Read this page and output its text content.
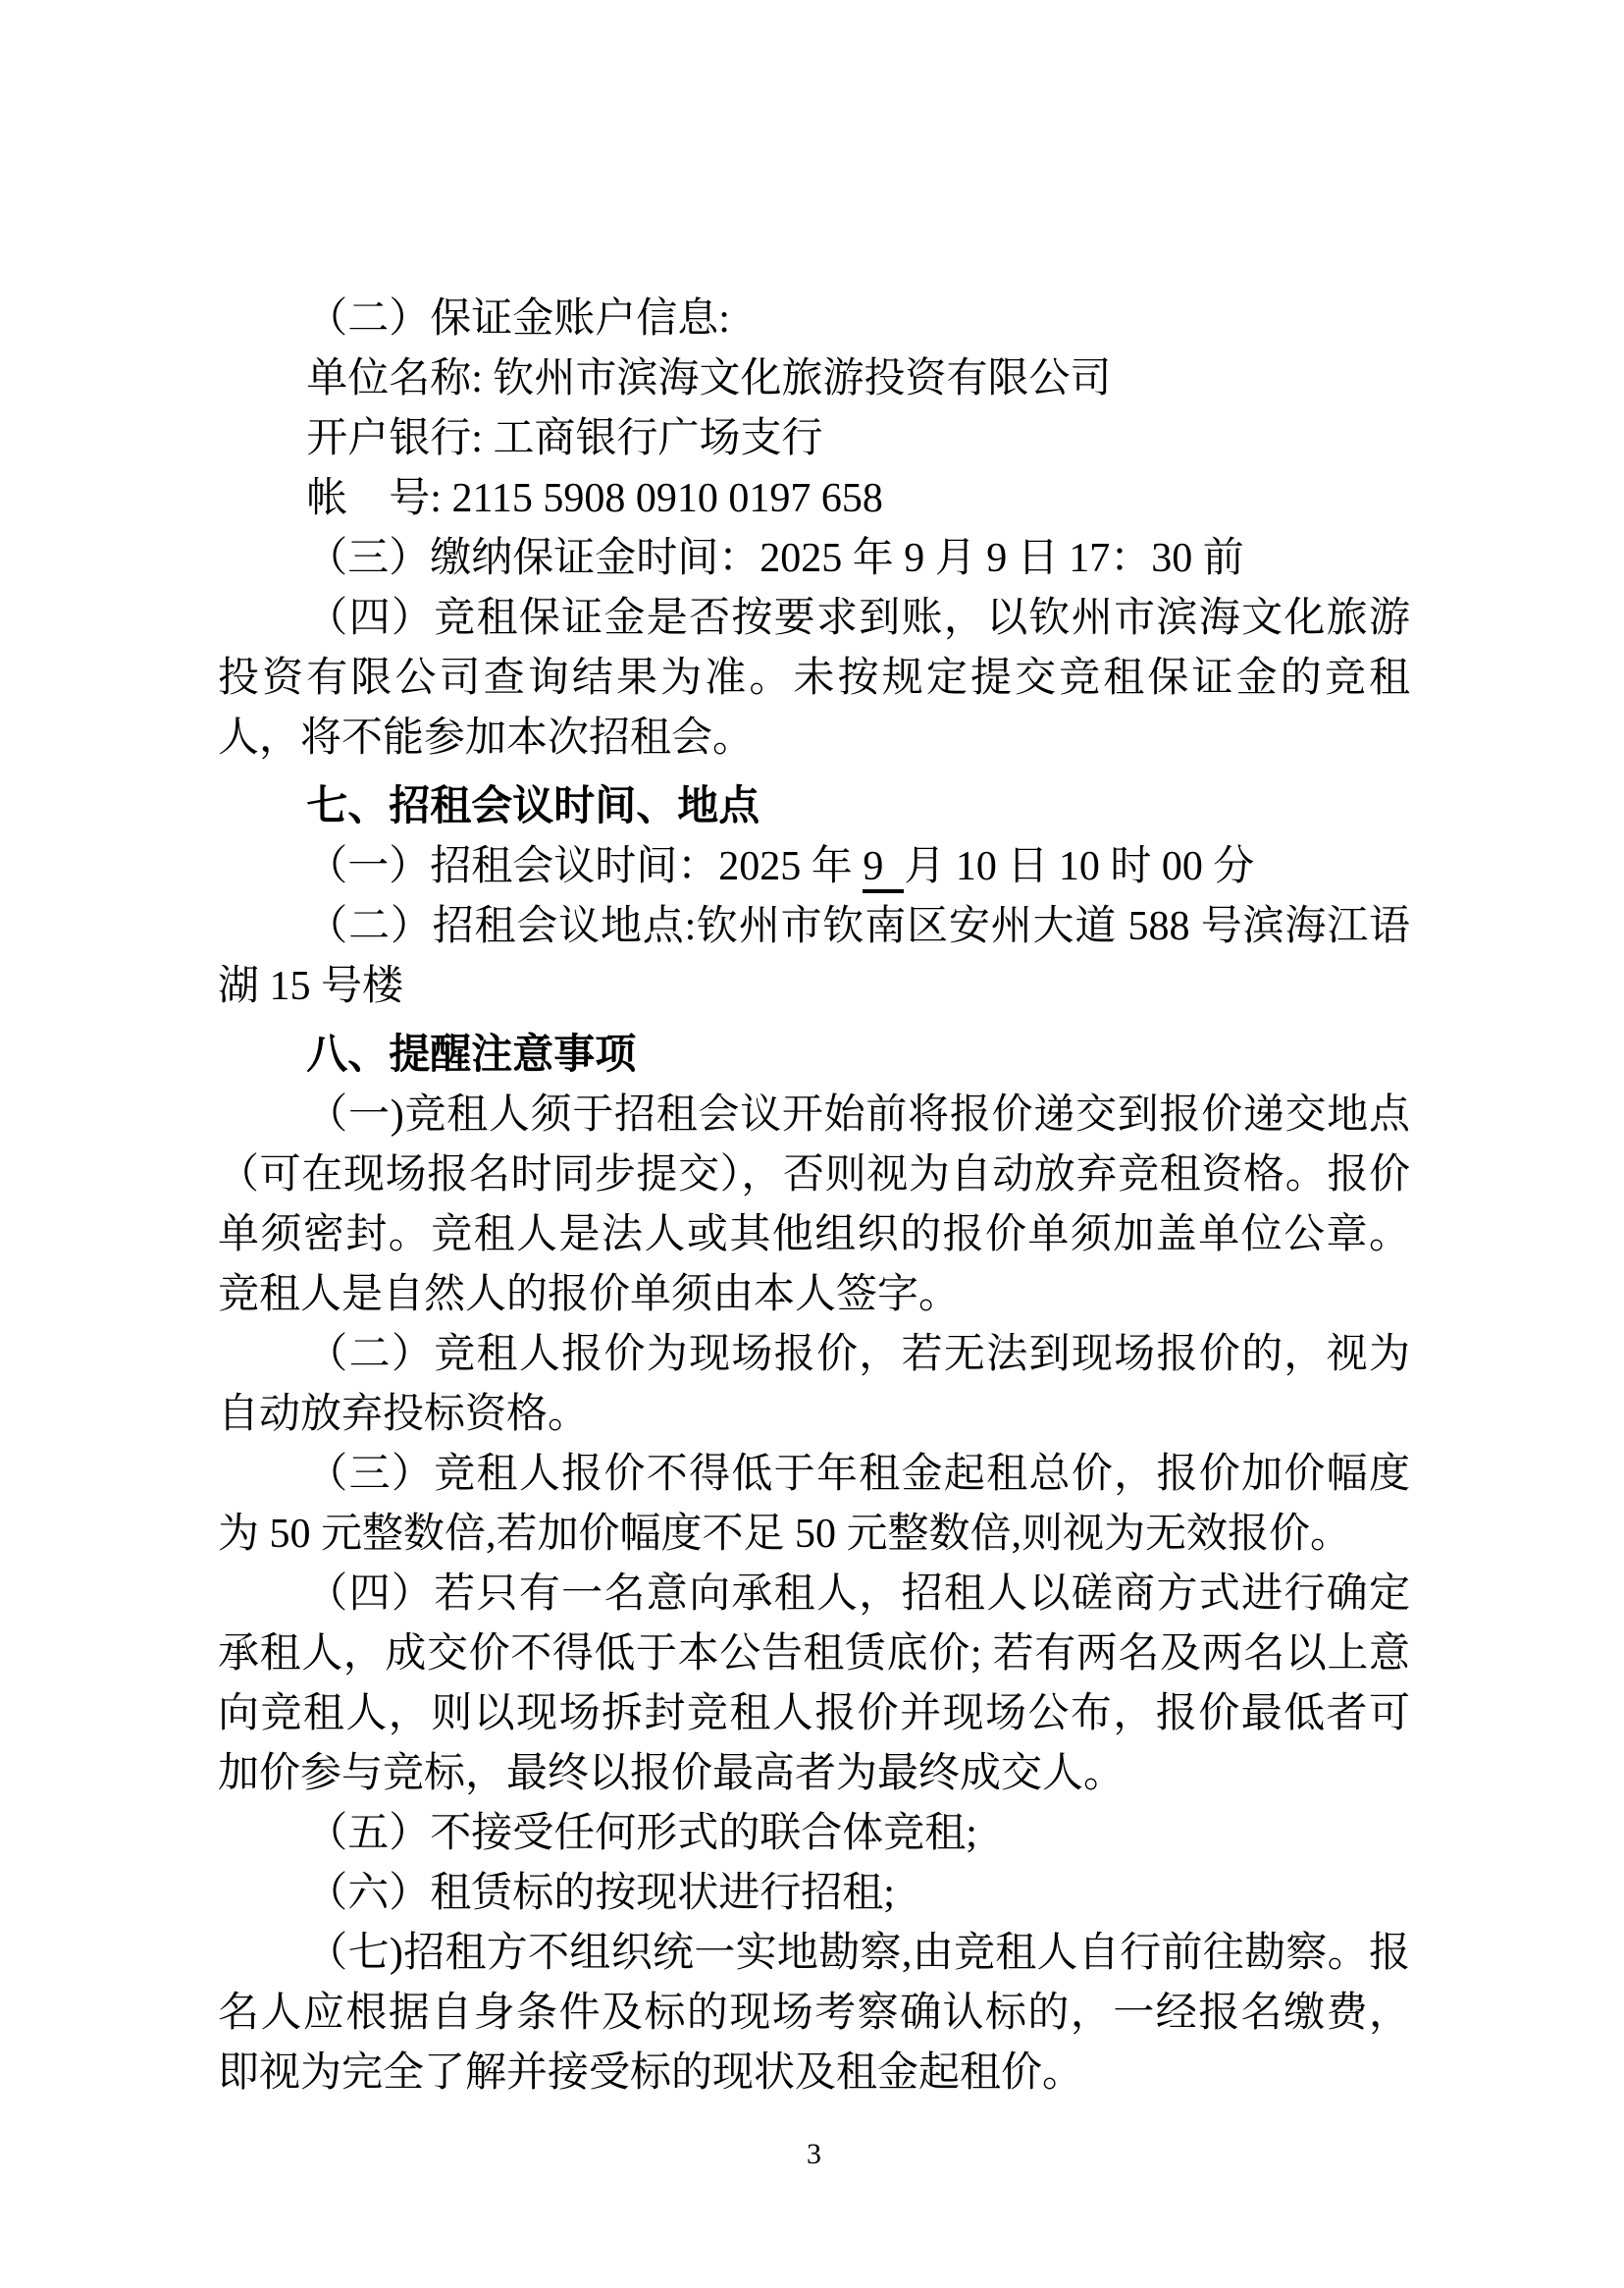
（二）保证金账户信息:

单位名称: 钦州市滨海文化旅游投资有限公司

开户银行: 工商银行广场支行

帐　号: 2115 5908 0910 0197 658

（三）缴纳保证金时间：2025 年 9 月 9 日 17：30 前

（四）竞租保证金是否按要求到账，以钦州市滨海文化旅游投资有限公司查询结果为准。未按规定提交竞租保证金的竞租人，将不能参加本次招租会。

七、招租会议时间、地点

（一）招租会议时间：2025 年 9 月 10 日 10 时 00 分

（二）招租会议地点:钦州市钦南区安州大道 588 号滨海江语湖 15 号楼

八、提醒注意事项

（一)竞租人须于招租会议开始前将报价递交到报价递交地点（可在现场报名时同步提交），否则视为自动放弃竞租资格。报价单须密封。竞租人是法人或其他组织的报价单须加盖单位公章。竞租人是自然人的报价单须由本人签字。

（二）竞租人报价为现场报价，若无法到现场报价的，视为自动放弃投标资格。

（三）竞租人报价不得低于年租金起租总价，报价加价幅度为 50 元整数倍,若加价幅度不足 50 元整数倍,则视为无效报价。

（四）若只有一名意向承租人，招租人以磋商方式进行确定承租人，成交价不得低于本公告租赁底价; 若有两名及两名以上意向竞租人，则以现场拆封竞租人报价并现场公布，报价最低者可加价参与竞标，最终以报价最高者为最终成交人。

（五）不接受任何形式的联合体竞租;

（六）租赁标的按现状进行招租;

（七)招租方不组织统一实地勘察,由竞租人自行前往勘察。报名人应根据自身条件及标的现场考察确认标的，一经报名缴费，即视为完全了解并接受标的现状及租金起租价。

3
